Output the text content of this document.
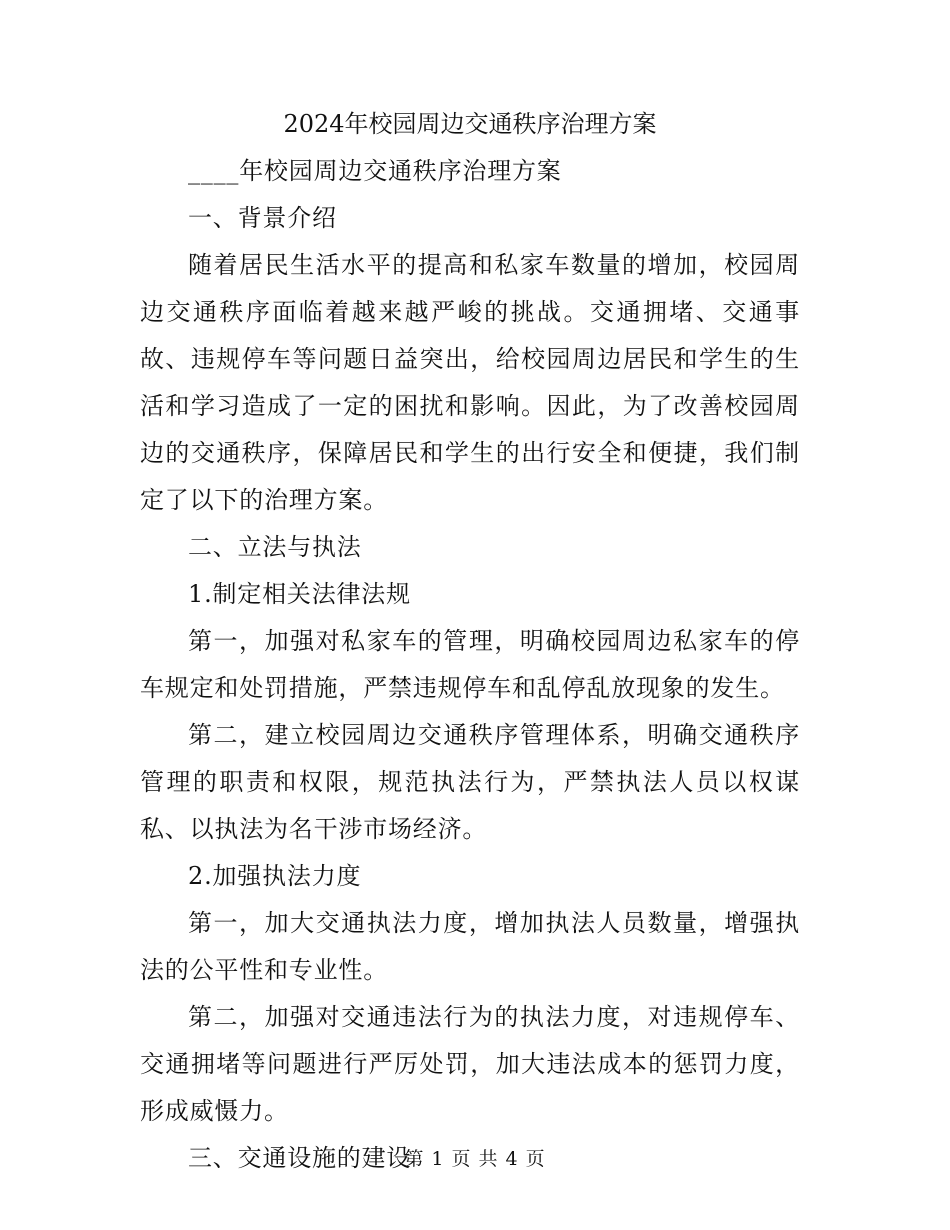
2024年校园周边交通秩序治理方案

____年校园周边交通秩序治理方案

一、背景介绍

随着居民生活水平的提高和私家车数量的增加，校园周边交通秩序面临着越来越严峻的挑战。交通拥堵、交通事故、违规停车等问题日益突出，给校园周边居民和学生的生活和学习造成了一定的困扰和影响。因此，为了改善校园周边的交通秩序，保障居民和学生的出行安全和便捷，我们制定了以下的治理方案。

二、立法与执法

1.制定相关法律法规

第一，加强对私家车的管理，明确校园周边私家车的停车规定和处罚措施，严禁违规停车和乱停乱放现象的发生。

第二，建立校园周边交通秩序管理体系，明确交通秩序管理的职责和权限，规范执法行为，严禁执法人员以权谋私、以执法为名干涉市场经济。

2.加强执法力度

第一，加大交通执法力度，增加执法人员数量，增强执法的公平性和专业性。

第二，加强对交通违法行为的执法力度，对违规停车、交通拥堵等问题进行严厉处罚，加大违法成本的惩罚力度，形成威慑力。

三、交通设施的建设

第 1 页 共 4 页
